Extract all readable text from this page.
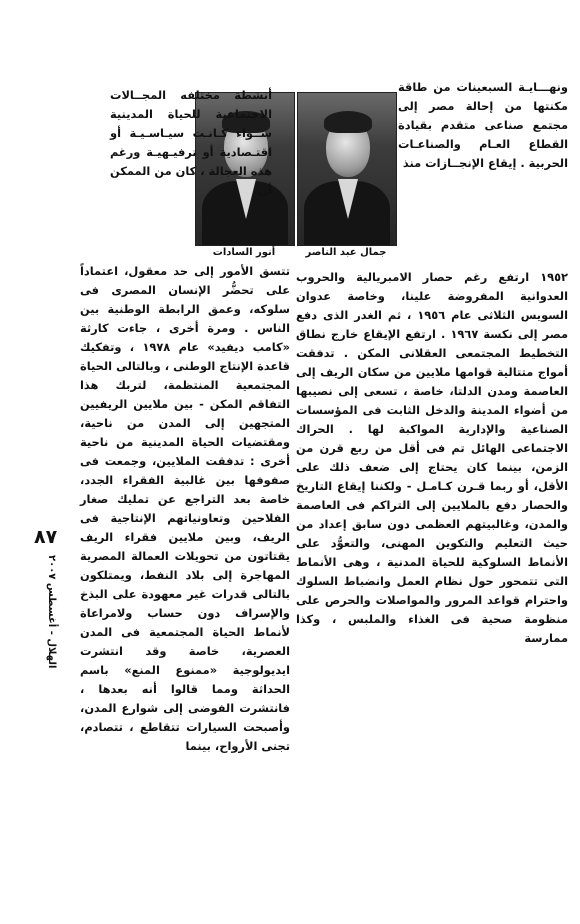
ونهـــايـة السبعينات من طاقة مكنتها من إحالة مصر إلى مجتمع صناعى متقدم بقيادة القطاع العـام والصناعـات الحربية . إيقاع الإنجــازات منذ

جمال عبد الناصر
أنور السادات

أنشطة مختلفه المجــالات الاجتماعية للحياة المدينية ســواء كـانـت سيـاسـيـة أو اقتـصادية أو ترفيـهيـة ورغم هذه العجالة ، كان من الممكن أن

١٩٥٢ ارتفع رغم حصار الامبريالية والحروب العدوانية المفروضة علينا، وخاصة عدوان السويس الثلاثى عام ١٩٥٦ ، ثم الغدر الذى دفع مصر إلى نكسة ١٩٦٧ . ارتفع الإيقاع خارج نطاق التخطيط المجتمعى العقلانى المكن . تدفقت أمواج متتالية قوامها ملايين من سكان الريف إلى العاصمة ومدن الدلتا، خاصة ، تسعى إلى نصيبها من أضواء المدينة والدخل الثابت فى المؤسسات الصناعية والإدارية المواكبة لها . الحراك الاجتماعى الهائل تم فى أقل من ربع قرن من الزمن، بينما كان يحتاج إلى ضعف ذلك على الأقل، أو ربما قـرن كـامـل - ولكننا إيقاع التاريخ والحصار دفع بالملايين إلى التراكم فى العاصمة والمدن، وغالبيتهم العظمى دون سابق إعداد من حيث التعليم والتكوين المهنى، والتعوُّد على الأنماط السلوكية للحياة المدنية ، وهى الأنماط التى تتمحور حول نظام العمل وانضباط السلوك واحترام قواعد المرور والمواصلات والحرص على منظومة صحية فى الغذاء والملبس ، وكذا ممارسة

تتسق الأمور إلى حد معقول، اعتماداً على تحضُّر الإنسان المصرى فى سلوكه، وعمق الرابطة الوطنية بين الناس . ومرة أخرى ، جاءت كارثة «كامب ديفيد» عام ١٩٧٨ ، وتفكيك قاعدة الإنتاج الوطنى ، وبالتالى الحياة المجتمعية المنتظمة، لتربك هذا التفاقم المكن - بين ملايين الريفيين المتجهين إلى المدن من ناحية، ومقتضيات الحياة المدينية من ناحية أخرى : تدفقت الملايين، وجمعت فى صفوفها بين غالبية الفقراء الجدد، خاصة بعد التراجع عن تمليك صغار الفلاحين وتعاونياتهم الإنتاجية فى الريف، وبين ملايين فقراء الريف يقتاتون من تحويلات العمالة المصرية المهاجرة إلى بلاد النفط، ويمتلكون بالتالى قدرات غير معهودة على البذخ والإسراف دون حساب ولامراعاة لأنماط الحياة المجتمعية فى المدن العصرية، خاصة وقد انتشرت ايديولوجية «ممنوع المنع» باسم الحداثة ومما قالوا أنه بعدها ، فانتشرت الفوضى إلى شوارع المدن، وأصبحت السيارات تتقاطع ، تتصادم، تجنى الأرواح، بينما

٨٧
الهلال - أغسطس ٢٠٠٧
